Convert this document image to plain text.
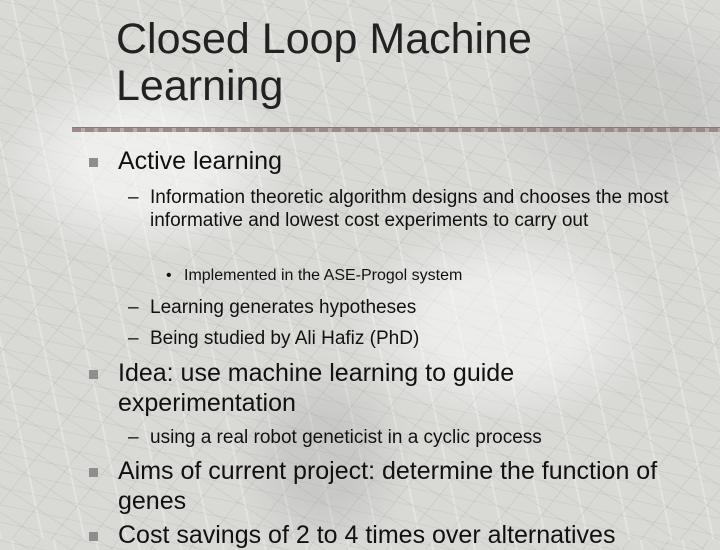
Closed Loop Machine Learning
Active learning
– Information theoretic algorithm designs and chooses the most informative and lowest cost experiments to carry out
• Implemented in the ASE-Progol system
– Learning generates hypotheses
– Being studied by Ali Hafiz (PhD)
Idea: use machine learning to guide experimentation
– using a real robot geneticist in a cyclic process
Aims of current project: determine the function of genes
Cost savings of 2 to 4 times over alternatives
